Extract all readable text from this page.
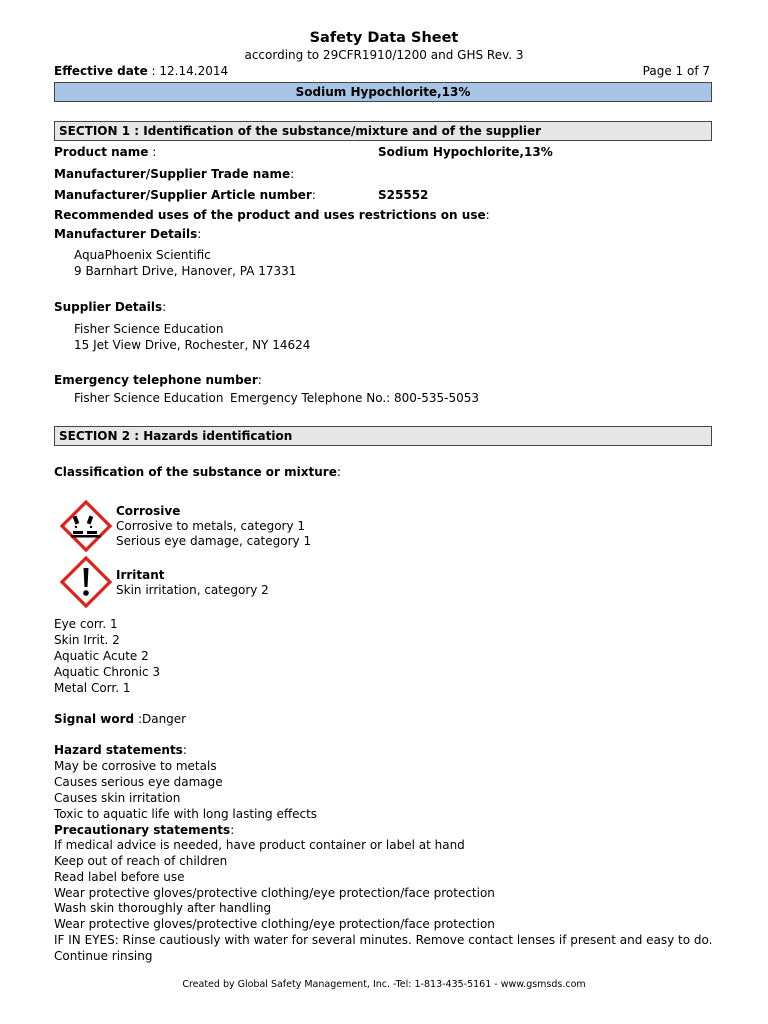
Safety Data Sheet
according to 29CFR1910/1200 and GHS Rev. 3
Effective date : 12.14.2014	Page 1 of 7
Sodium Hypochlorite,13%
SECTION 1 : Identification of the substance/mixture and of the supplier
Product name :	Sodium Hypochlorite,13%
Manufacturer/Supplier Trade name:
Manufacturer/Supplier Article number:	S25552
Recommended uses of the product and uses restrictions on use:
Manufacturer Details:
AquaPhoenix Scientific
9 Barnhart Drive, Hanover, PA 17331
Supplier Details:
Fisher Science Education
15 Jet View Drive, Rochester, NY 14624
Emergency telephone number:
Fisher Science Education Emergency Telephone No.: 800-535-5053
SECTION 2 : Hazards identification
Classification of the substance or mixture:
Corrosive
Corrosive to metals, category 1
Serious eye damage, category 1
Irritant
Skin irritation, category 2
Eye corr. 1
Skin Irrit. 2
Aquatic Acute 2
Aquatic Chronic 3
Metal Corr. 1
Signal word :Danger
Hazard statements:
May be corrosive to metals
Causes serious eye damage
Causes skin irritation
Toxic to aquatic life with long lasting effects
Precautionary statements:
If medical advice is needed, have product container or label at hand
Keep out of reach of children
Read label before use
Wear protective gloves/protective clothing/eye protection/face protection
Wash skin thoroughly after handling
Wear protective gloves/protective clothing/eye protection/face protection
IF IN EYES: Rinse cautiously with water for several minutes. Remove contact lenses if present and easy to do.
Continue rinsing
Created by Global Safety Management, Inc. -Tel: 1-813-435-5161 - www.gsmsds.com
